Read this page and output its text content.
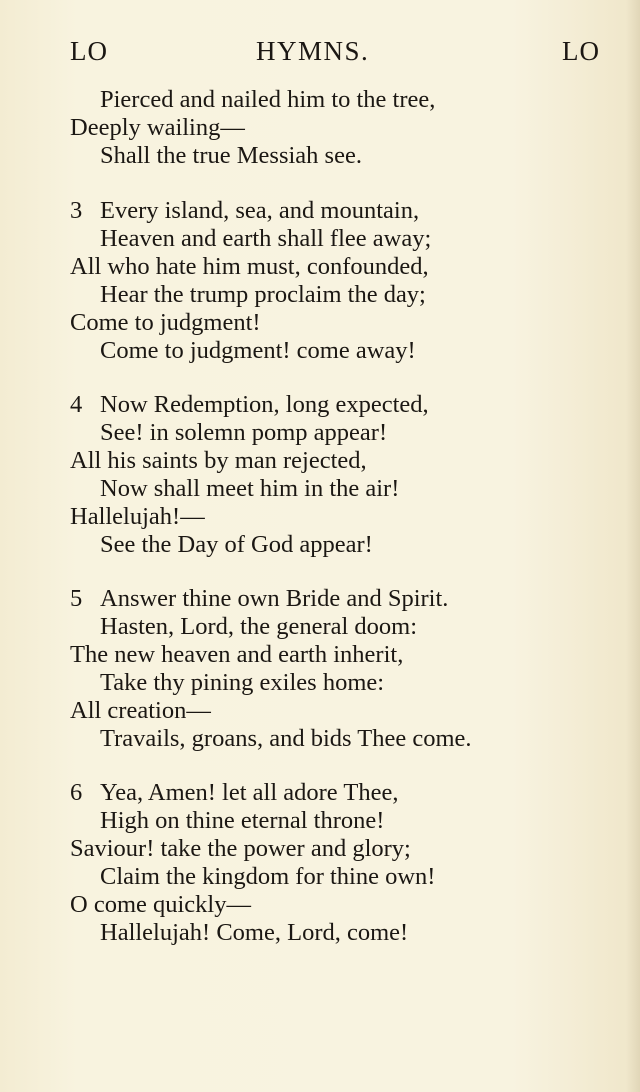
LO	HYMNS.	LO
Pierced and nailed him to the tree,
Deeply wailing—
Shall the true Messiah see.
3 Every island, sea, and mountain,
Heaven and earth shall flee away;
All who hate him must, confounded,
Hear the trump proclaim the day;
Come to judgment!
Come to judgment! come away!
4 Now Redemption, long expected,
See! in solemn pomp appear!
All his saints by man rejected,
Now shall meet him in the air!
Hallelujah!—
See the Day of God appear!
5 Answer thine own Bride and Spirit.
Hasten, Lord, the general doom:
The new heaven and earth inherit,
Take thy pining exiles home:
All creation—
Travails, groans, and bids Thee come.
6 Yea, Amen! let all adore Thee,
High on thine eternal throne!
Saviour! take the power and glory;
Claim the kingdom for thine own!
O come quickly—
Hallelujah! Come, Lord, come!
